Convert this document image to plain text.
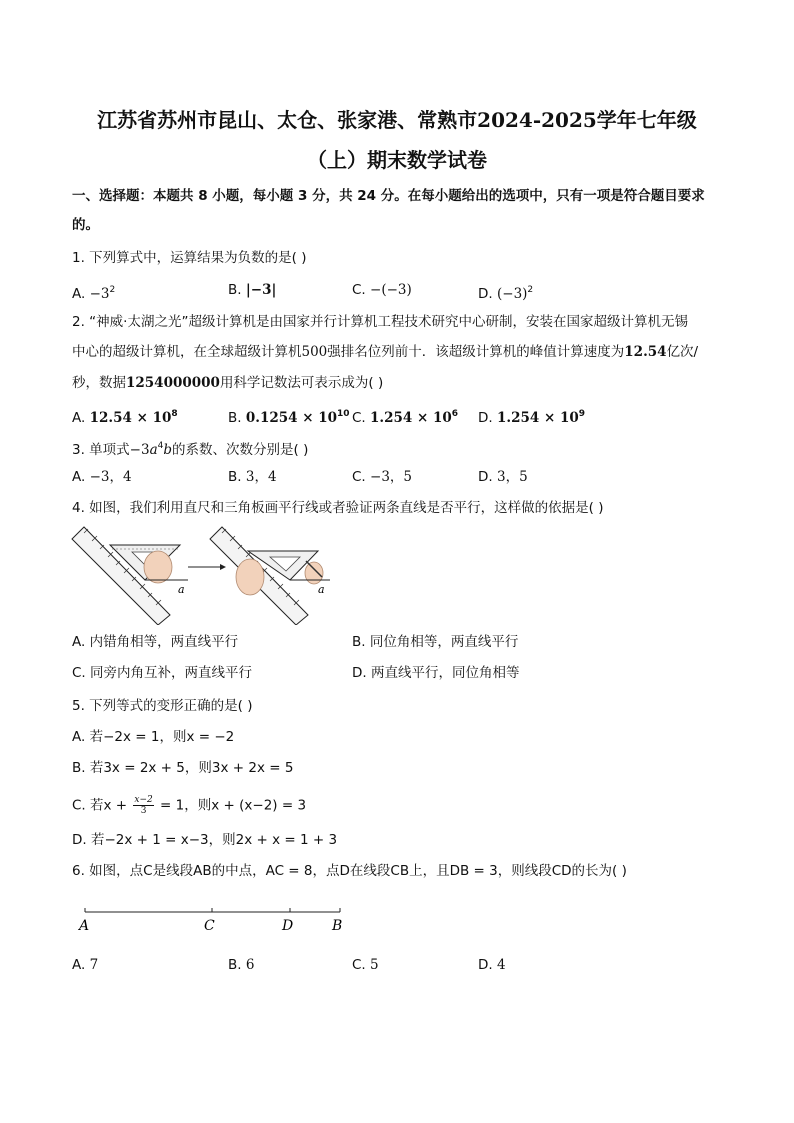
江苏省苏州市昆山、太仓、张家港、常熟市2024-2025学年七年级
（上）期末数学试卷
一、选择题：本题共 8 小题，每小题 3 分，共 24 分。在每小题给出的选项中，只有一项是符合题目要求
的。
1. 下列算式中，运算结果为负数的是( )
A. $-3^2$	B. |−3|	C. −(−3)	D. $(-3)^2$
2. “神威·太湖之光”超级计算机是由国家并行计算机工程技术研究中心研制，安装在国家超级计算机无锡
中心的超级计算机，在全球超级计算机500强排名位列前十．该超级计算机的峰值计算速度为12.54亿次/
秒，数据1254000000用科学记数法可表示成为( )
A. $12.54 \times 10^8$	B. $0.1254 \times 10^{10}$ C. $1.254 \times 10^6$ D. $1.254 \times 10^9$
3. 单项式$-3a^4b$的系数、次数分别是( )
A. −3，4	B. 3，4	C. −3，5	D. 3，5
4. 如图，我们利用直尺和三角板画平行线或者验证两条直线是否平行，这样做的依据是( )
a	a
A. 内错角相等，两直线平行	B. 同位角相等，两直线平行
C. 同旁内角互补，两直线平行	D. 两直线平行，同位角相等
5. 下列等式的变形正确的是( )
A. 若−2x = 1，则x = −2
B. 若3x = 2x + 5，则3x + 2x = 5
C. 若$x + \frac{x-2}{3} = 1$，则x + (x−2) = 3
D. 若−2x + 1 = x−3，则2x + x = 1 + 3
6. 如图，点C是线段AB的中点，AC = 8，点D在线段CB上，且DB = 3，则线段CD的长为( )
A	C	D	B
A. 7	B. 6	C. 5	D. 4
